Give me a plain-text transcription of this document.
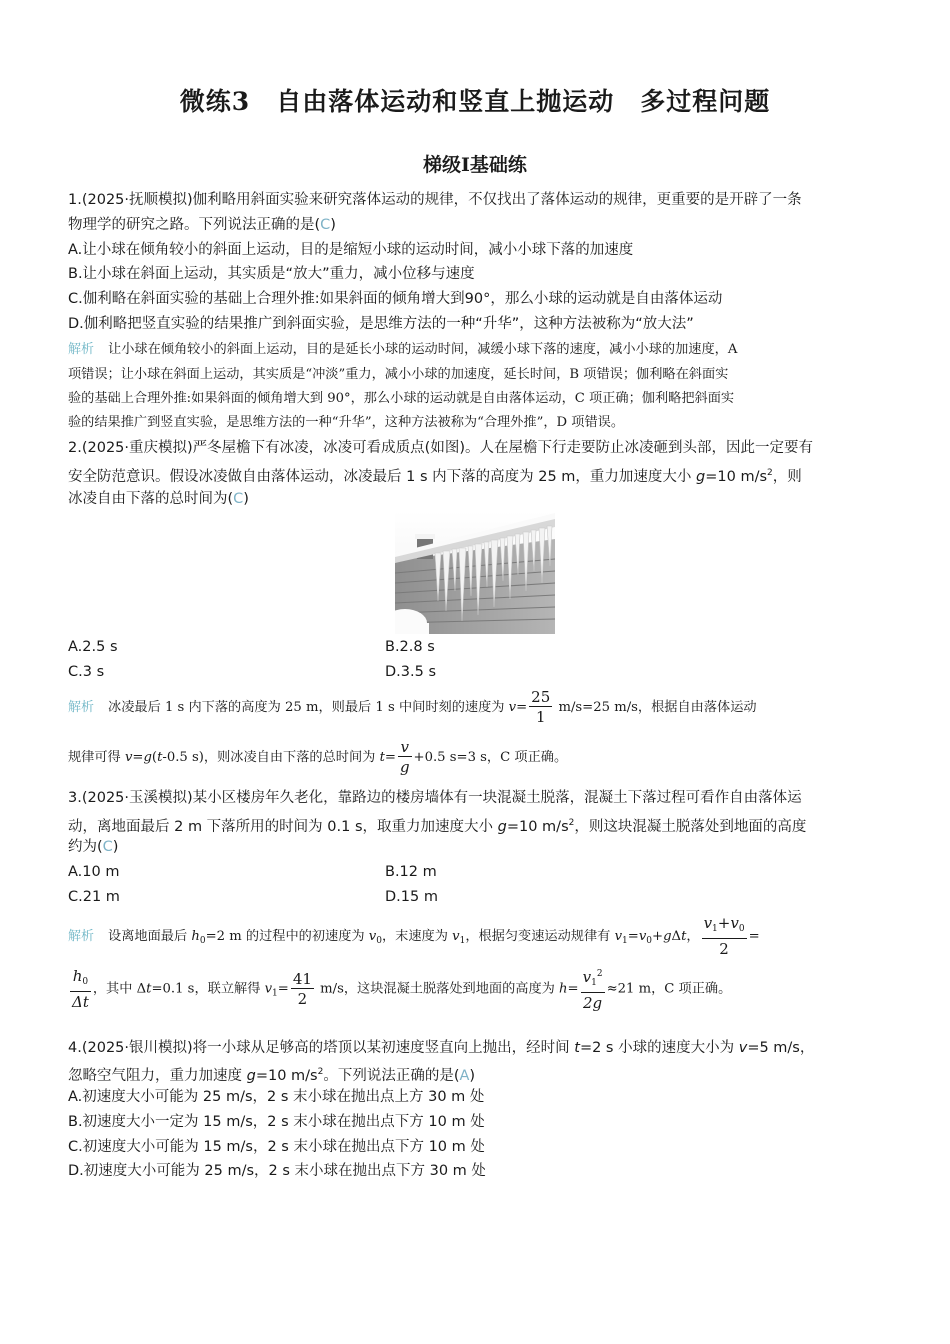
微练3　自由落体运动和竖直上抛运动　多过程问题
梯级Ⅰ基础练
1.(2025·抚顺模拟)伽利略用斜面实验来研究落体运动的规律，不仅找出了落体运动的规律，更重要的是开辟了一条
物理学的研究之路。下列说法正确的是(C)
A.让小球在倾角较小的斜面上运动，目的是缩短小球的运动时间，减小小球下落的加速度
B.让小球在斜面上运动，其实质是“放大”重力，减小位移与速度
C.伽利略在斜面实验的基础上合理外推:如果斜面的倾角增大到90°，那么小球的运动就是自由落体运动
D.伽利略把竖直实验的结果推广到斜面实验，是思维方法的一种“升华”，这种方法被称为“放大法”
解析 让小球在倾角较小的斜面上运动，目的是延长小球的运动时间，减缓小球下落的速度，减小小球的加速度，A
项错误；让小球在斜面上运动，其实质是“冲淡”重力，减小小球的加速度，延长时间，B 项错误；伽利略在斜面实
验的基础上合理外推:如果斜面的倾角增大到 90°，那么小球的运动就是自由落体运动，C 项正确；伽利略把斜面实
验的结果推广到竖直实验，是思维方法的一种“升华”，这种方法被称为“合理外推”，D 项错误。
2.(2025·重庆模拟)严冬屋檐下有冰凌，冰凌可看成质点(如图)。人在屋檐下行走要防止冰凌砸到头部，因此一定要有
安全防范意识。假设冰凌做自由落体运动，冰凌最后 1 s 内下落的高度为 25 m，重力加速度大小 g=10 $m/s^2$，则
冰凌自由下落的总时间为(C)
A.2.5 s	B.2.8 s
C.3 s	D.3.5 s
解析 冰凌最后 1 s 内下落的高度为 25 m，则最后 1 s 中间时刻的速度为 $v= \frac{25}{1} m/s=25$ m/s，根据自由落体运动
规律可得 v=g(t-0.5 s)，则冰凌自由下落的总时间为 $t= \frac{v}{g} +0.5$ s=3 s，C 项正确。
3.(2025·玉溪模拟)某小区楼房年久老化，靠路边的楼房墙体有一块混凝土脱落，混凝土下落过程可看作自由落体运
动，离地面最后 2 m 下落所用的时间为 0.1 s，取重力加速度大小 g=10 $m/s^2$，则这块混凝土脱落处到地面的高度
约为(C)
A.10 m	B.12 m
C.21 m	D.15 m
解析 设离地面最后 $h_0=2$ m 的过程中的初速度为 $v_0$，末速度为 $v_1$，根据匀变速运动规律有 $v_1=v_0+g\Delta t$， $\frac{v_1+v_0}{2}$ =
$\frac{h_0}{\Delta t}$ ，其中 Δt=0.1 s，联立解得 $v_1= \frac{41}{2} m/s$，这块混凝土脱落处到地面的高度为 $h= \frac{v_1^2}{2g} \approx 21$ m，C 项正确。
4.(2025·银川模拟)将一小球从足够高的塔顶以某初速度竖直向上抛出，经时间 t=2 s 小球的速度大小为 v=5 m/s，
忽略空气阻力，重力加速度 g=10 $m/s^2$。下列说法正确的是(A)
A.初速度大小可能为 25 m/s，2 s 末小球在抛出点上方 30 m 处
B.初速度大小一定为 15 m/s，2 s 末小球在抛出点下方 10 m 处
C.初速度大小可能为 15 m/s，2 s 末小球在抛出点下方 10 m 处
D.初速度大小可能为 25 m/s，2 s 末小球在抛出点下方 30 m 处
